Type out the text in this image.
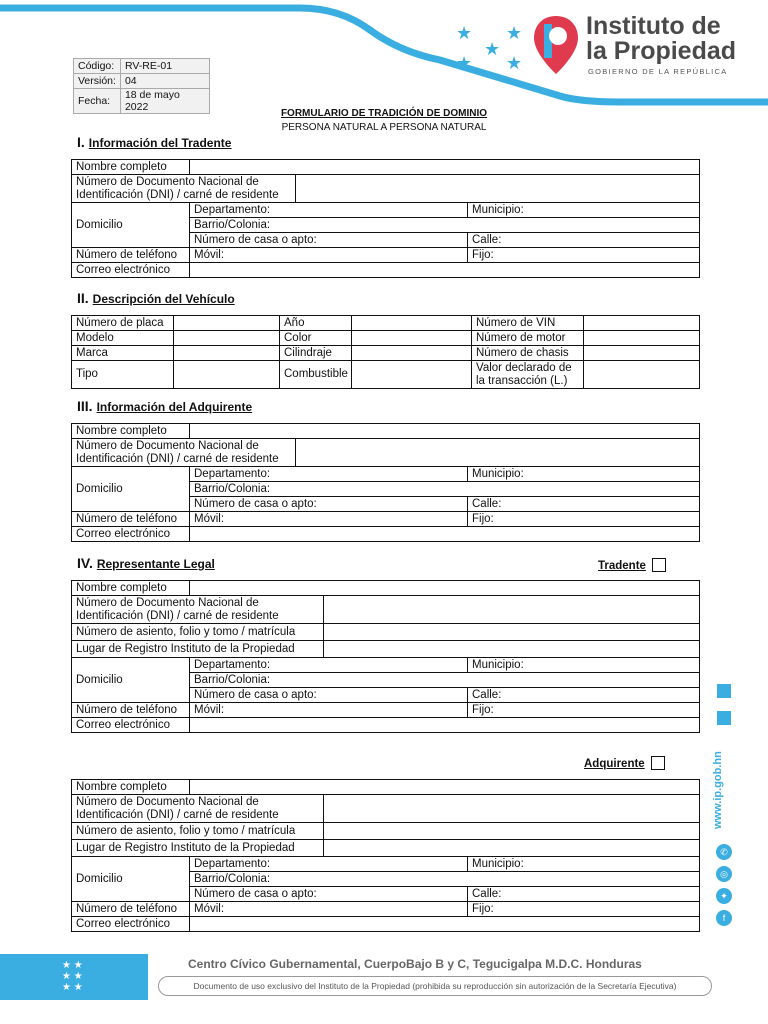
★
★
★
★ ★
Instituto de
la Propiedad
GOBIERNO DE LA REPÚBLICA
Código:	RV-RE-01
Versión:	04
Fecha:	18 de mayo 2022
FORMULARIO DE TRADICIÓN DE DOMINIO
PERSONA NATURAL A PERSONA NATURAL
I. Información del Tradente
Nombre completo			
Número de Documento Nacional de
Identificación (DNI) / carné de residente			
Domicilio	Departamento:		Municipio:
	Barrio/Colonia:		
	Número de casa o apto:		Calle:
Número de teléfono	Móvil:		Fijo:
Correo electrónico			
II. Descripción del Vehículo
Número de placa		Año		Número de VIN	
Modelo		Color		Número de motor	
Marca		Cilindraje		Número de chasis	
Tipo		Combustible		Valor declarado de
la transacción (L.)	
III. Información del Adquirente
Nombre completo			
Número de Documento Nacional de
Identificación (DNI) / carné de residente			
Domicilio	Departamento:		Municipio:
	Barrio/Colonia:		
	Número de casa o apto:		Calle:
Número de teléfono	Móvil:		Fijo:
Correo electrónico			
IV. Representante Legal	Tradente
Nombre completo			
Número de Documento Nacional de
Identificación (DNI) / carné de residente			
Número de asiento, folio y tomo / matrícula			
Lugar de Registro Instituto de la Propiedad			
Domicilio	Departamento:		Municipio:
	Barrio/Colonia:		
	Número de casa o apto:		Calle:
Número de teléfono	Móvil:		Fijo:
Correo electrónico			
Adquirente
Nombre completo			
Número de Documento Nacional de
Identificación (DNI) / carné de residente			
Número de asiento, folio y tomo / matrícula			
Lugar de Registro Instituto de la Propiedad			
Domicilio	Departamento:		Municipio:
	Barrio/Colonia:		
	Número de casa o apto:		Calle:
Número de teléfono	Móvil:		Fijo:
Correo electrónico			
www.ip.gob.hn
✆
◎
✦
f
★ ★
★ ★
★ ★
Centro Cívico Gubernamental, CuerpoBajo B y C, Tegucigalpa M.D.C. Honduras
Documento de uso exclusivo del Instituto de la Propiedad (prohibida su reproducción sin autorización de la Secretaría Ejecutiva)
